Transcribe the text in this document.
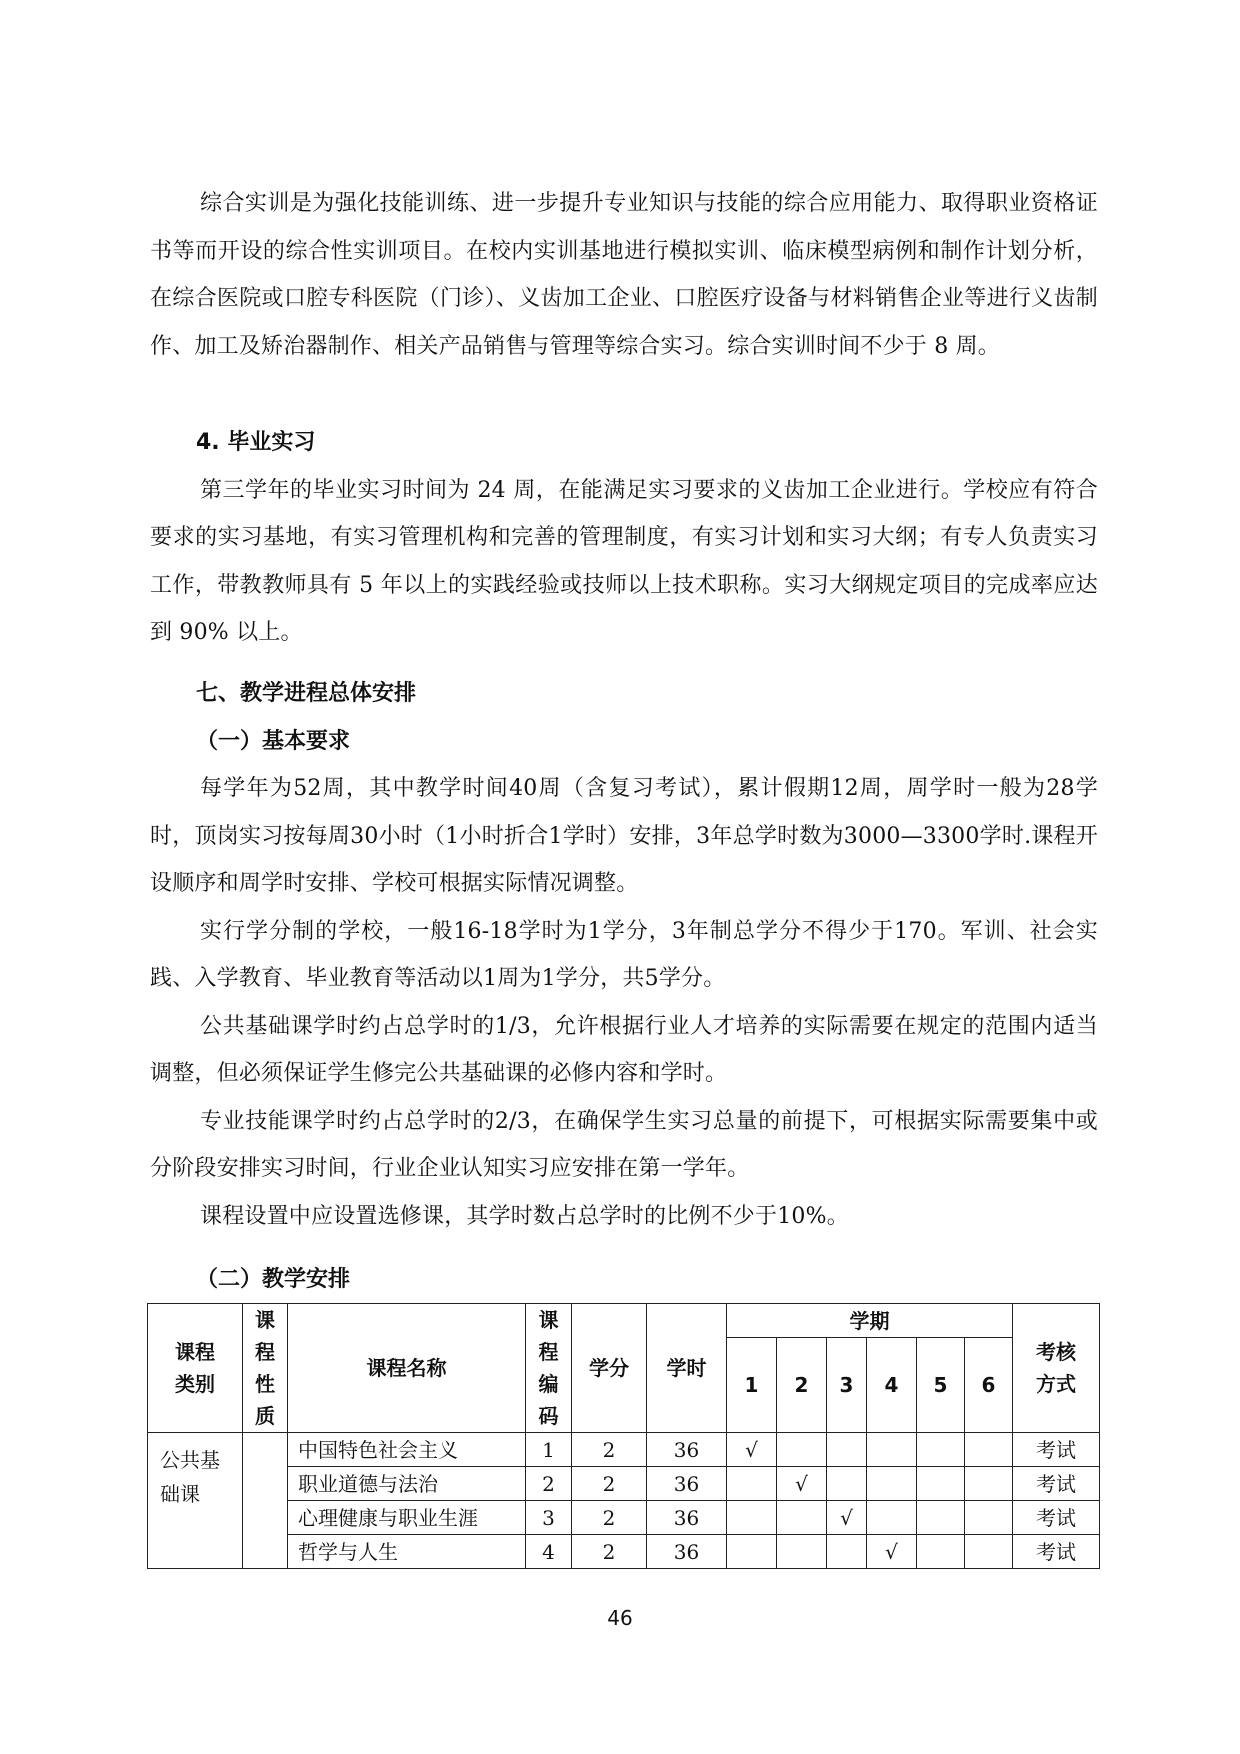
综合实训是为强化技能训练、进一步提升专业知识与技能的综合应用能力、取得职业资格证书等而开设的综合性实训项目。在校内实训基地进行模拟实训、临床模型病例和制作计划分析，在综合医院或口腔专科医院（门诊）、义齿加工企业、口腔医疗设备与材料销售企业等进行义齿制作、加工及矫治器制作、相关产品销售与管理等综合实习。综合实训时间不少于 8 周。

4. 毕业实习

第三学年的毕业实习时间为 24 周，在能满足实习要求的义齿加工企业进行。学校应有符合要求的实习基地，有实习管理机构和完善的管理制度，有实习计划和实习大纲；有专人负责实习工作，带教教师具有 5 年以上的实践经验或技师以上技术职称。实习大纲规定项目的完成率应达到 90% 以上。

七、教学进程总体安排

（一）基本要求

每学年为52周，其中教学时间40周（含复习考试），累计假期12周，周学时一般为28学时，顶岗实习按每周30小时（1小时折合1学时）安排，3年总学时数为3000—3300学时.课程开设顺序和周学时安排、学校可根据实际情况调整。

实行学分制的学校，一般16-18学时为1学分，3年制总学分不得少于170。军训、社会实践、入学教育、毕业教育等活动以1周为1学分，共5学分。

公共基础课学时约占总学时的1/3，允许根据行业人才培养的实际需要在规定的范围内适当调整，但必须保证学生修完公共基础课的必修内容和学时。

专业技能课学时约占总学时的2/3，在确保学生实习总量的前提下，可根据实际需要集中或分阶段安排实习时间，行业企业认知实习应安排在第一学年。

课程设置中应设置选修课，其学时数占总学时的比例不少于10%。

（二）教学安排

课程类别	课程性质	课程名称	课程编码	学分	学时	学期						考核方式
						1	2	3	4	5	6	
公共基础课		中国特色社会主义	1	2	36	√						考试
		职业道德与法治	2	2	36		√					考试
		心理健康与职业生涯	3	2	36			√				考试
		哲学与人生	4	2	36				√			考试
46
